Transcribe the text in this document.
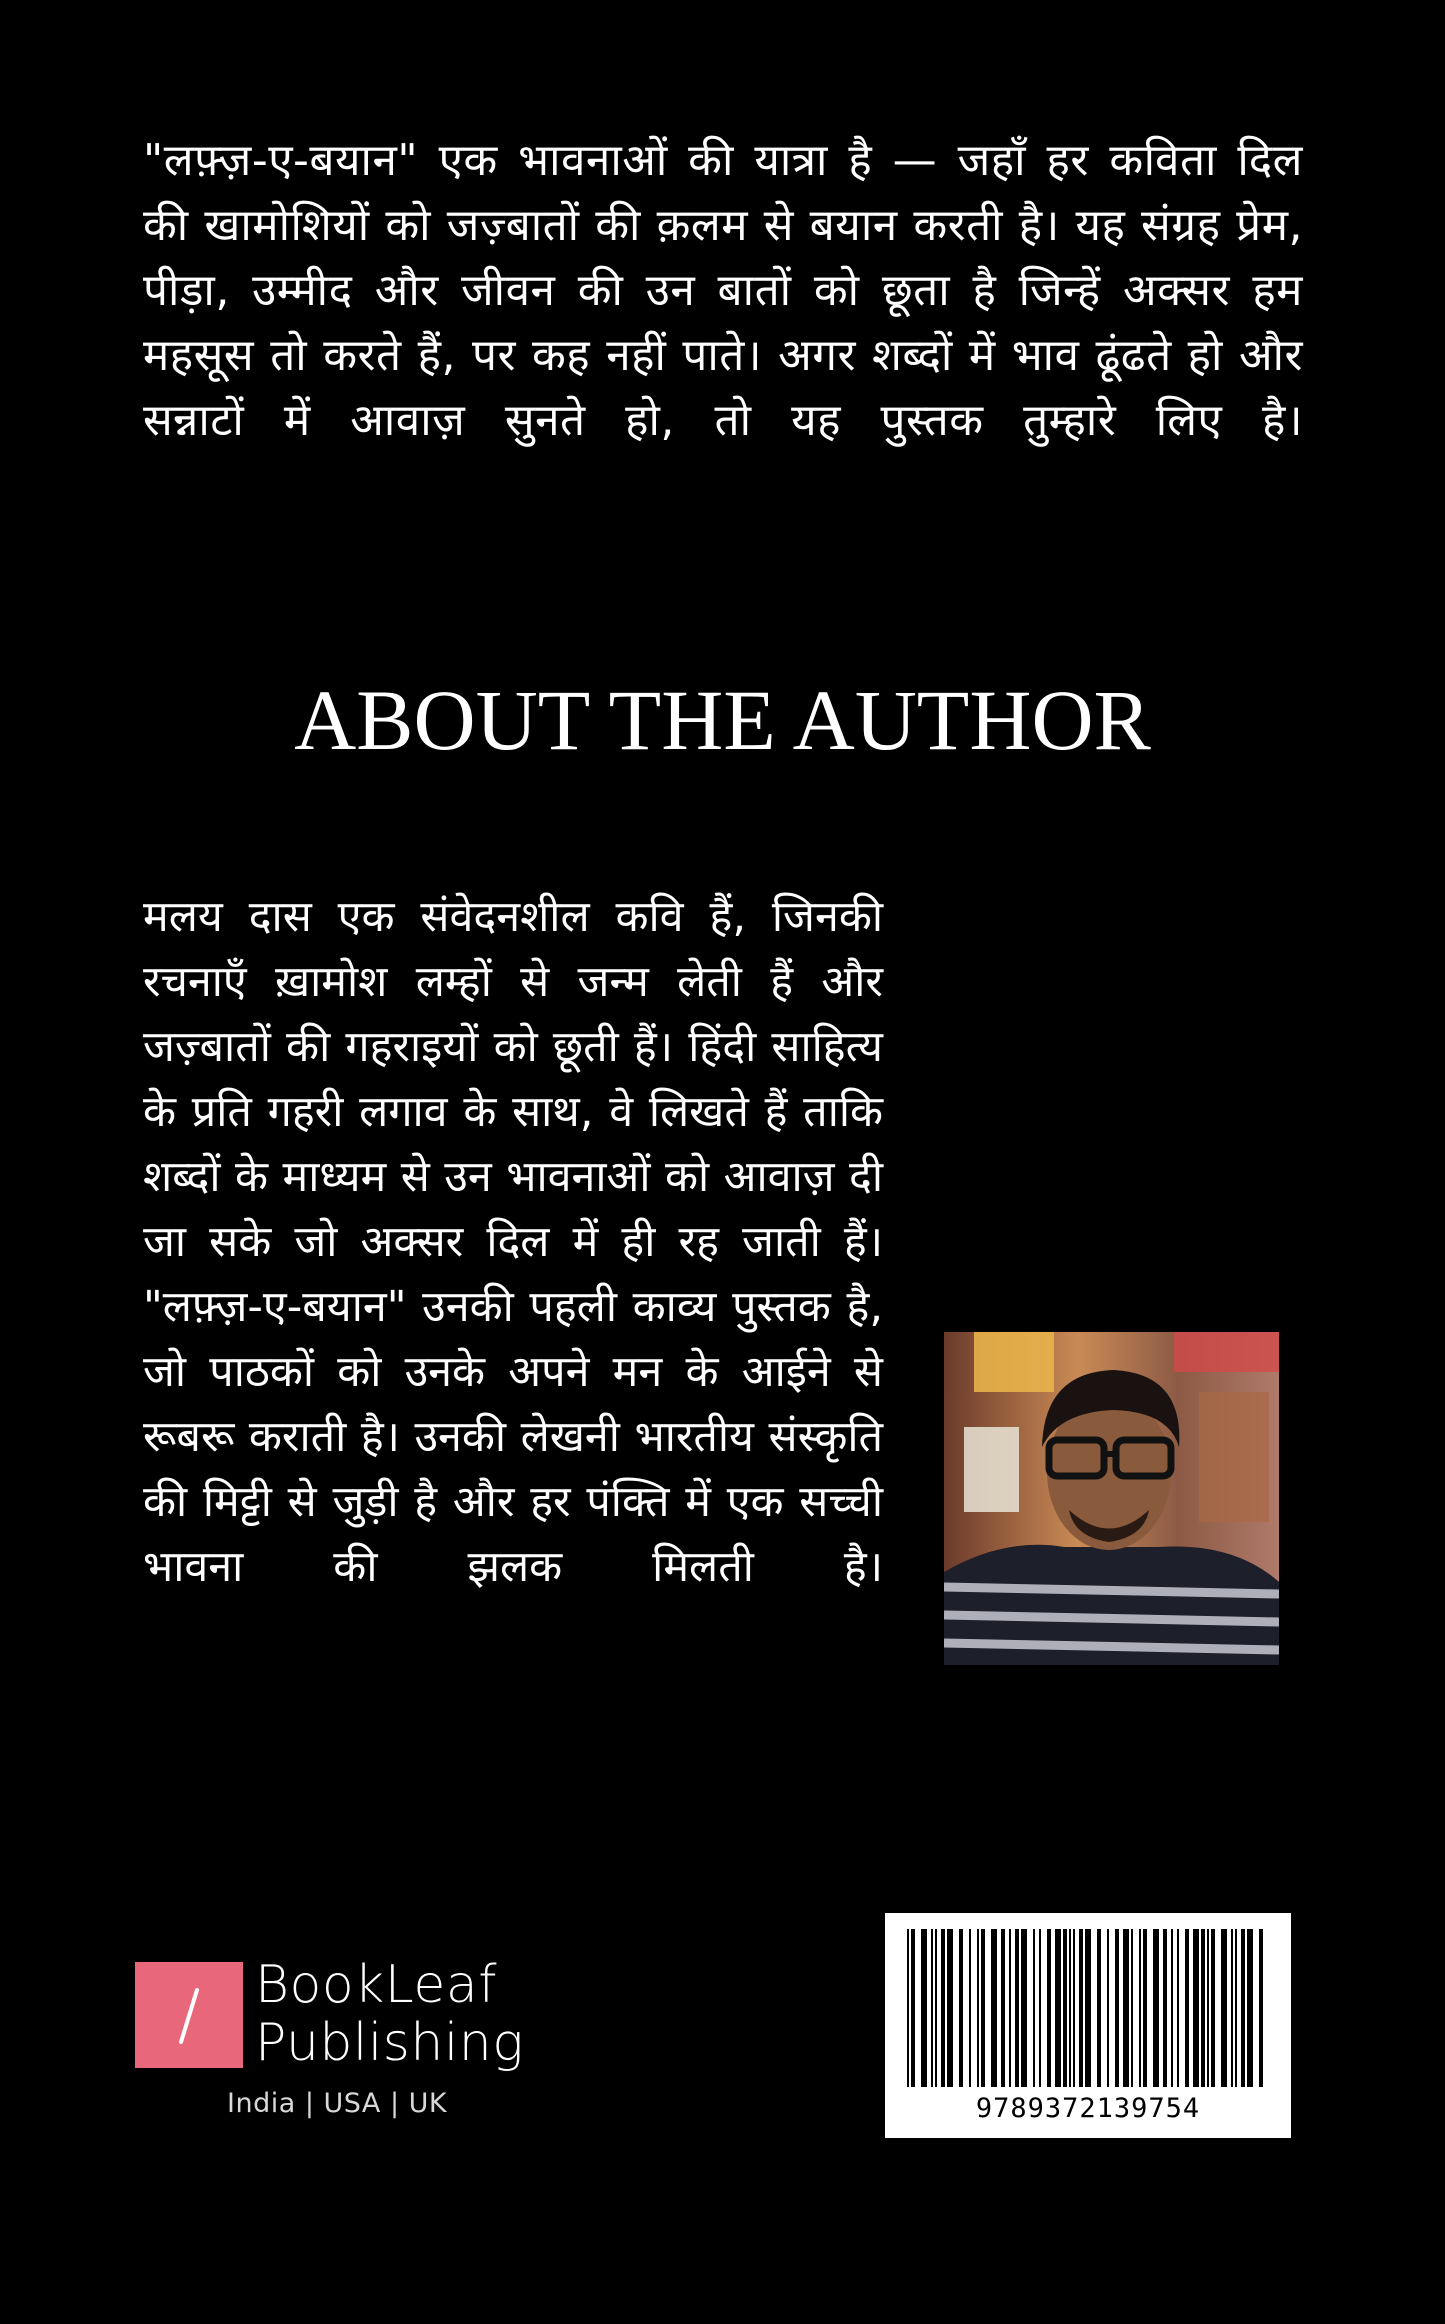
"लफ़्ज़-ए-बयान" एक भावनाओं की यात्रा है — जहाँ हर कविता दिल की खामोशियों को जज़्बातों की क़लम से बयान करती है। यह संग्रह प्रेम, पीड़ा, उम्मीद और जीवन की उन बातों को छूता है जिन्हें अक्सर हम महसूस तो करते हैं, पर कह नहीं पाते। अगर शब्दों में भाव ढूंढते हो और सन्नाटों में आवाज़ सुनते हो, तो यह पुस्तक तुम्हारे लिए है।

ABOUT THE AUTHOR

मलय दास एक संवेदनशील कवि हैं, जिनकी रचनाएँ ख़ामोश लम्हों से जन्म लेती हैं और जज़्बातों की गहराइयों को छूती हैं। हिंदी साहित्य के प्रति गहरी लगाव के साथ, वे लिखते हैं ताकि शब्दों के माध्यम से उन भावनाओं को आवाज़ दी जा सके जो अक्सर दिल में ही रह जाती हैं। "लफ़्ज़-ए-बयान" उनकी पहली काव्य पुस्तक है, जो पाठकों को उनके अपने मन के आईने से रूबरू कराती है। उनकी लेखनी भारतीय संस्कृति की मिट्टी से जुड़ी है और हर पंक्ति में एक सच्ची भावना की झलक मिलती है।

BookLeaf
Publishing
India | USA | UK	9789372139754
